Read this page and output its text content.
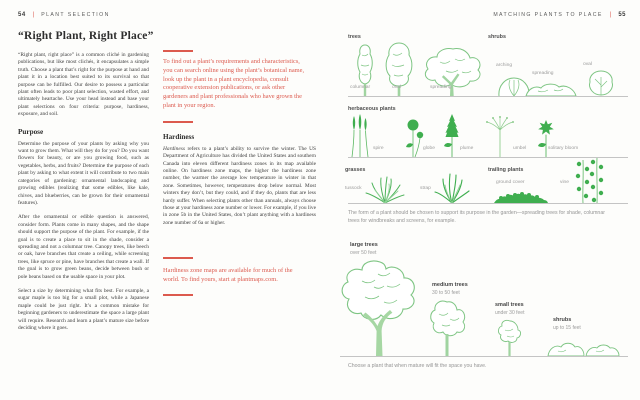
54 | PLANT SELECTION
“Right Plant, Right Place”

“Right plant, right place” is a common cliché in gardening publications, but like most clichés, it encapsulates a simple truth. Choose a plant that’s right for the purpose at hand and plant it in a location best suited to its survival so that purpose can be fulfilled. Our desire to possess a particular plant often leads to poor plant selection, wasted effort, and ultimately heartache. Use your head instead and base your plant selections on four criteria: purpose, hardiness, exposure, and soil.

Purpose

Determine the purpose of your plants by asking why you want to grow them. What will they do for you? Do you want flowers for beauty, or are you growing food, such as vegetables, herbs, and fruits? Determine the purpose of each plant by asking to what extent it will contribute to two main categories of gardening: ornamental landscaping and growing edibles (realizing that some edibles, like kale, chives, and blueberries, can be grown for their ornamental features).

After the ornamental or edible question is answered, consider form. Plants come in many shapes, and the shape should support the purpose of the plant. For example, if the goal is to create a place to sit in the shade, consider a spreading and not a columnar tree. Canopy trees, like beech or oak, have branches that create a ceiling, while screening trees, like spruce or pine, have branches that create a wall. If the goal is to grow green beans, decide between bush or pole beans based on the usable space in your plot.

Select a size by determining what fits best. For example, a sugar maple is too big for a small plot, while a Japanese maple could be just right. It’s a common mistake for beginning gardeners to underestimate the space a large plant will require. Research and learn a plant’s mature size before deciding where it goes.

To find out a plant’s requirements and characteristics, you can search online using the plant’s botanical name, look up the plant in a plant encyclopedia, consult cooperative extension publications, or ask other gardeners and plant professionals who have grown the plant in your region.

Hardiness

Hardiness refers to a plant’s ability to survive the winter. The US Department of Agriculture has divided the United States and southern Canada into eleven different hardiness zones in its map available online. On hardiness zone maps, the higher the hardiness zone number, the warmer the average low temperature in winter in that zone. Sometimes, however, temperatures drop below normal. Most winters they don’t, but they could, and if they do, plants that are less hardy suffer. When selecting plants other than annuals, always choose those at your hardiness zone number or lower. For example, if you live in zone 5b in the United States, don’t plant anything with a hardiness zone number of 6a or higher.

Hardiness zone maps are available for much of the world. To find yours, start at plantmaps.com.

MATCHING PLANTS TO PLACE | 55
trees
columnar	oval	spreading
shrubs
arching
spreading
oval
herbaceous plants
spire	globe	plume	umbel	solitary bloom
grasses
tussock	strap
trailing plants
ground cover	vine

The form of a plant should be chosen to support its purpose in the garden—spreading trees for shade, columnar trees for windbreaks and screens, for example.

large trees
over 50 feet
medium trees
30 to 50 feet
small trees
under 30 feet
shrubs
up to 15 feet

Choose a plant that when mature will fit the space you have.
